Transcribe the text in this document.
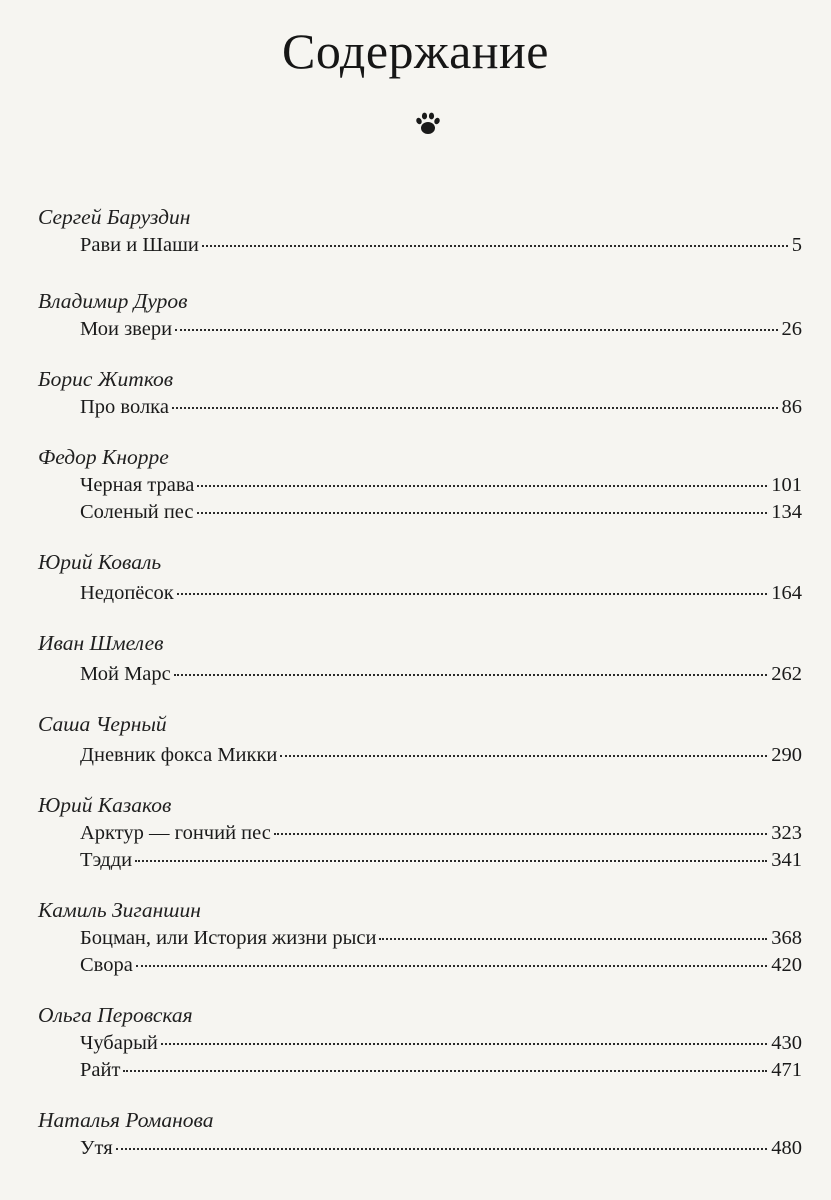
Содержание
Сергей Баруздин
Рави и Шаши	5
Владимир Дуров
Мои звери	26
Борис Житков
Про волка	86
Федор Кнорре
Черная трава	101
Соленый пес	134
Юрий Коваль
Недопёсок	164
Иван Шмелев
Мой Марс	262
Саша Черный
Дневник фокса Микки	290
Юрий Казаков
Арктур — гончий пес	323
Тэдди	341
Камиль Зиганшин
Боцман, или История жизни рыси	368
Свора	420
Ольга Перовская
Чубарый	430
Райт	471
Наталья Романова
Утя	480
